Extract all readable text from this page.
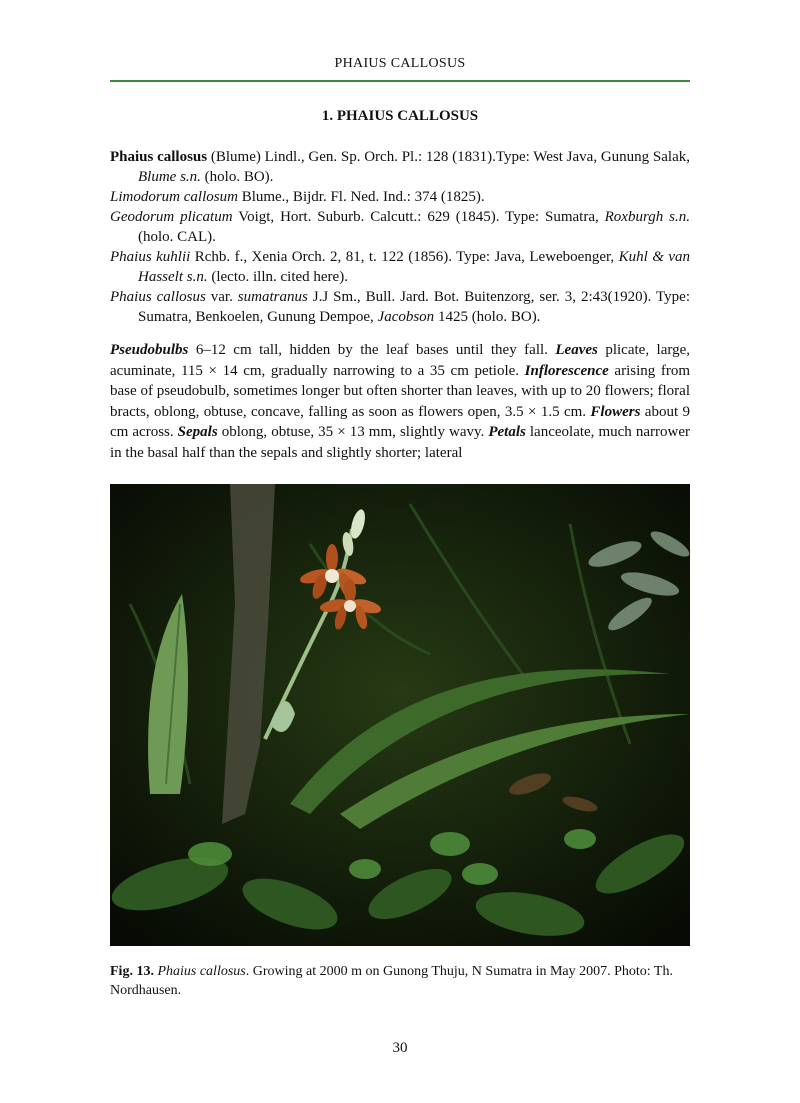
PHAIUS CALLOSUS
1. PHAIUS CALLOSUS

Phaius callosus (Blume) Lindl., Gen. Sp. Orch. Pl.: 128 (1831).Type: West Java, Gunung Salak, Blume s.n. (holo. BO).

Limodorum callosum Blume., Bijdr. Fl. Ned. Ind.: 374 (1825).

Geodorum plicatum Voigt, Hort. Suburb. Calcutt.: 629 (1845). Type: Sumatra, Roxburgh s.n. (holo. CAL).

Phaius kuhlii Rchb. f., Xenia Orch. 2, 81, t. 122 (1856). Type: Java, Leweboenger, Kuhl & van Hasselt s.n. (lecto. illn. cited here).

Phaius callosus var. sumatranus J.J Sm., Bull. Jard. Bot. Buitenzorg, ser. 3, 2:43(1920). Type: Sumatra, Benkoelen, Gunung Dempoe, Jacobson 1425 (holo. BO).

Pseudobulbs 6–12 cm tall, hidden by the leaf bases until they fall. Leaves plicate, large, acuminate, 115 × 14 cm, gradually narrowing to a 35 cm petiole. Inflorescence arising from base of pseudobulb, sometimes longer but often shorter than leaves, with up to 20 flowers; floral bracts, oblong, obtuse, concave, falling as soon as flowers open, 3.5 × 1.5 cm. Flowers about 9 cm across. Sepals oblong, obtuse, 35 × 13 mm, slightly wavy. Petals lanceolate, much narrower in the basal half than the sepals and slightly shorter; lateral

Fig. 13. Phaius callosus. Growing at 2000 m on Gunong Thuju, N Sumatra in May 2007. Photo: Th. Nordhausen.

30
